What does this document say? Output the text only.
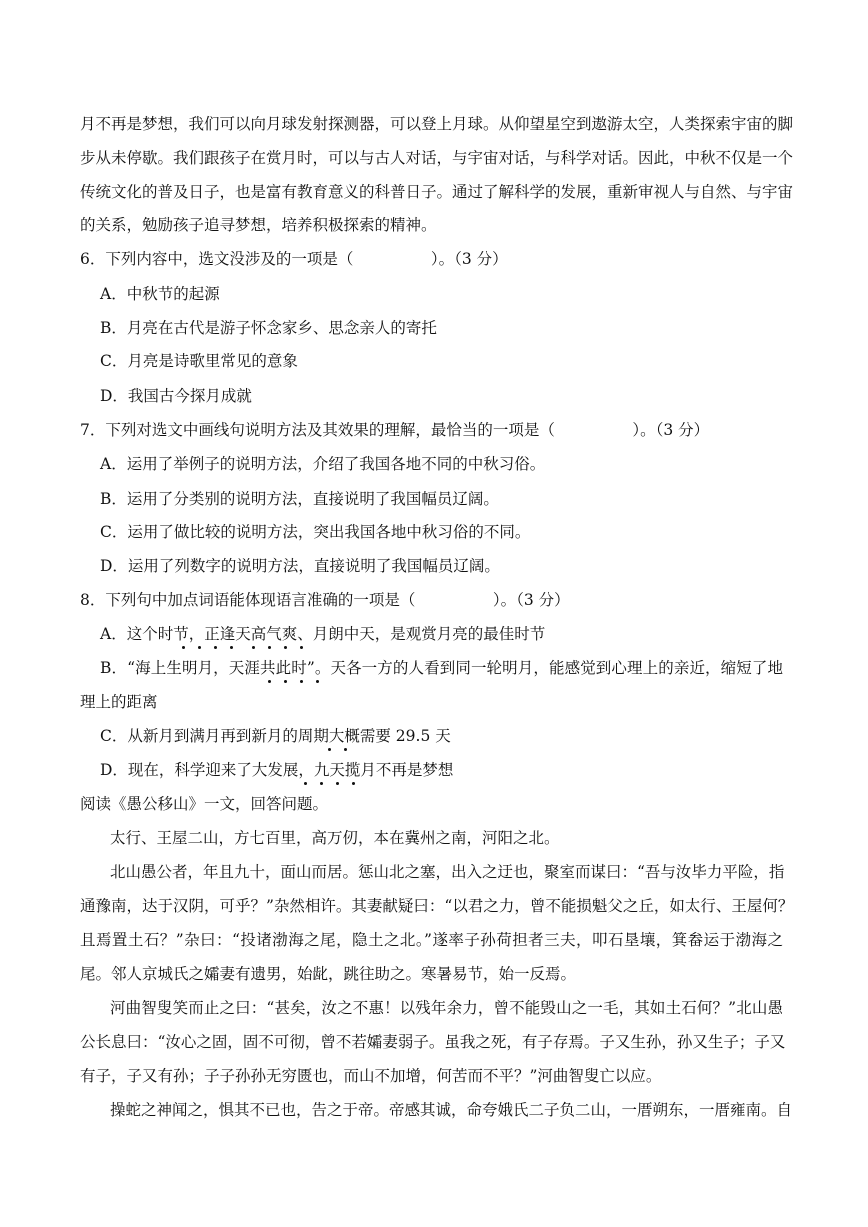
月不再是梦想，我们可以向月球发射探测器，可以登上月球。从仰望星空到遨游太空，人类探索宇宙的脚
步从未停歇。我们跟孩子在赏月时，可以与古人对话，与宇宙对话，与科学对话。因此，中秋不仅是一个
传统文化的普及日子，也是富有教育意义的科普日子。通过了解科学的发展，重新审视人与自然、与宇宙
的关系，勉励孩子追寻梦想，培养积极探索的精神。
6．下列内容中，选文没涉及的一项是（　　　　　）。（3 分）
A．中秋节的起源
B．月亮在古代是游子怀念家乡、思念亲人的寄托
C．月亮是诗歌里常见的意象
D．我国古今探月成就
7．下列对选文中画线句说明方法及其效果的理解，最恰当的一项是（　　　　　）。（3 分）
A．运用了举例子的说明方法，介绍了我国各地不同的中秋习俗。
B．运用了分类别的说明方法，直接说明了我国幅员辽阔。
C．运用了做比较的说明方法，突出我国各地中秋习俗的不同。
D．运用了列数字的说明方法，直接说明了我国幅员辽阔。
8．下列句中加点词语能体现语言准确的一项是（　　　　　）。（3 分）
A．这个时节，正逢天高气爽、月朗中天，是观赏月亮的最佳时节
B．“海上生明月，天涯共此时”。天各一方的人看到同一轮明月，能感觉到心理上的亲近，缩短了地
理上的距离
C．从新月到满月再到新月的周期大概需要 29.5 天
D．现在，科学迎来了大发展，九天揽月不再是梦想
阅读《愚公移山》一文，回答问题。
太行、王屋二山，方七百里，高万仞，本在冀州之南，河阳之北。
北山愚公者，年且九十，面山而居。惩山北之塞，出入之迂也，聚室而谋曰：“吾与汝毕力平险，指
通豫南，达于汉阴，可乎？”杂然相许。其妻献疑曰：“以君之力，曾不能损魁父之丘，如太行、王屋何？
且焉置土石？”杂曰：“投诸渤海之尾，隐土之北。”遂率子孙荷担者三夫，叩石垦壤，箕畚运于渤海之
尾。邻人京城氏之孀妻有遗男，始龀，跳往助之。寒暑易节，始一反焉。
河曲智叟笑而止之曰：“甚矣，汝之不惠！以残年余力，曾不能毁山之一毛，其如土石何？”北山愚
公长息曰：“汝心之固，固不可彻，曾不若孀妻弱子。虽我之死，有子存焉。子又生孙，孙又生子；子又
有子，子又有孙；子子孙孙无穷匮也，而山不加增，何苦而不平？”河曲智叟亡以应。
操蛇之神闻之，惧其不已也，告之于帝。帝感其诚，命夸娥氏二子负二山，一厝朔东，一厝雍南。自
